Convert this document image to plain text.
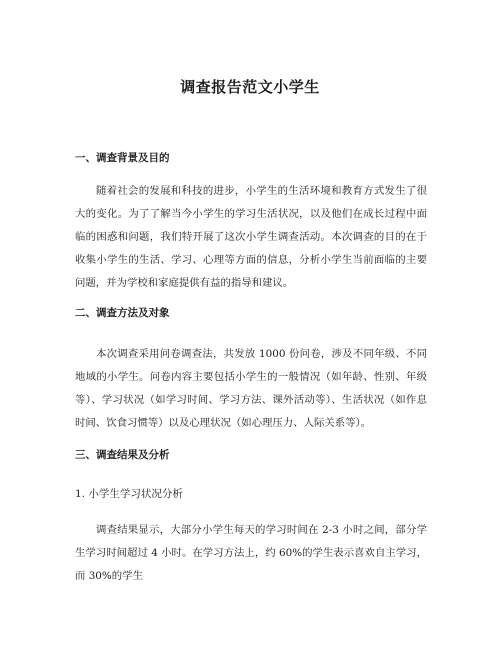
调查报告范文小学生
一、调查背景及目的

随着社会的发展和科技的进步，小学生的生活环境和教育方式发生了很大的变化。为了了解当今小学生的学习生活状况，以及他们在成长过程中面临的困惑和问题，我们特开展了这次小学生调查活动。本次调查的目的在于收集小学生的生活、学习、心理等方面的信息，分析小学生当前面临的主要问题，并为学校和家庭提供有益的指导和建议。

二、调查方法及对象

本次调查采用问卷调查法，共发放 1000 份问卷，涉及不同年级、不同地域的小学生。问卷内容主要包括小学生的一般情况（如年龄、性别、年级等）、学习状况（如学习时间、学习方法、课外活动等）、生活状况（如作息时间、饮食习惯等）以及心理状况（如心理压力、人际关系等）。

三、调查结果及分析
1. 小学生学习状况分析

调查结果显示，大部分小学生每天的学习时间在 2-3 小时之间，部分学生学习时间超过 4 小时。在学习方法上，约 60%的学生表示喜欢自主学习，而 30%的学生
